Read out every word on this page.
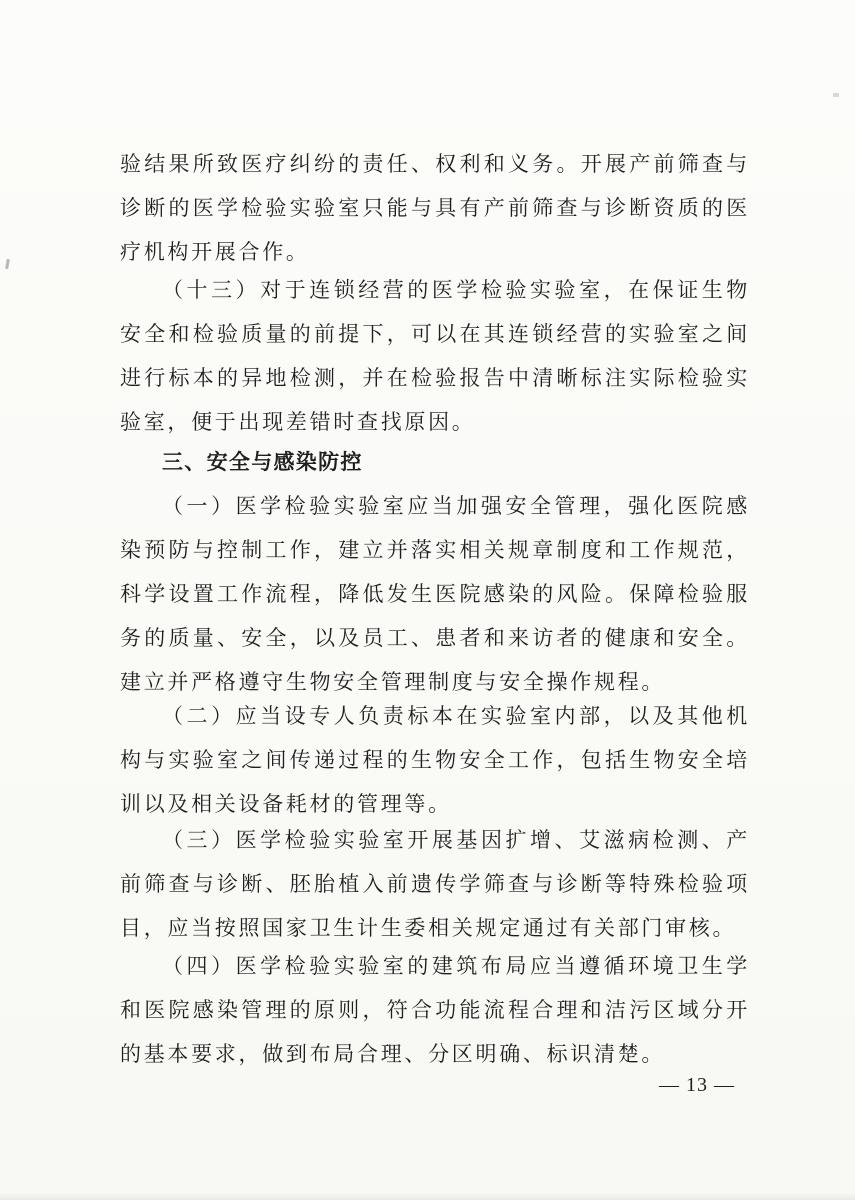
验结果所致医疗纠纷的责任、权利和义务。开展产前筛查与诊断的医学检验实验室只能与具有产前筛查与诊断资质的医疗机构开展合作。

（十三）对于连锁经营的医学检验实验室，在保证生物安全和检验质量的前提下，可以在其连锁经营的实验室之间进行标本的异地检测，并在检验报告中清晰标注实际检验实验室，便于出现差错时查找原因。

三、安全与感染防控

（一）医学检验实验室应当加强安全管理，强化医院感染预防与控制工作，建立并落实相关规章制度和工作规范，科学设置工作流程，降低发生医院感染的风险。保障检验服务的质量、安全，以及员工、患者和来访者的健康和安全。建立并严格遵守生物安全管理制度与安全操作规程。

（二）应当设专人负责标本在实验室内部，以及其他机构与实验室之间传递过程的生物安全工作，包括生物安全培训以及相关设备耗材的管理等。

（三）医学检验实验室开展基因扩增、艾滋病检测、产前筛查与诊断、胚胎植入前遗传学筛查与诊断等特殊检验项目，应当按照国家卫生计生委相关规定通过有关部门审核。

（四）医学检验实验室的建筑布局应当遵循环境卫生学和医院感染管理的原则，符合功能流程合理和洁污区域分开的基本要求，做到布局合理、分区明确、标识清楚。

— 13 —
